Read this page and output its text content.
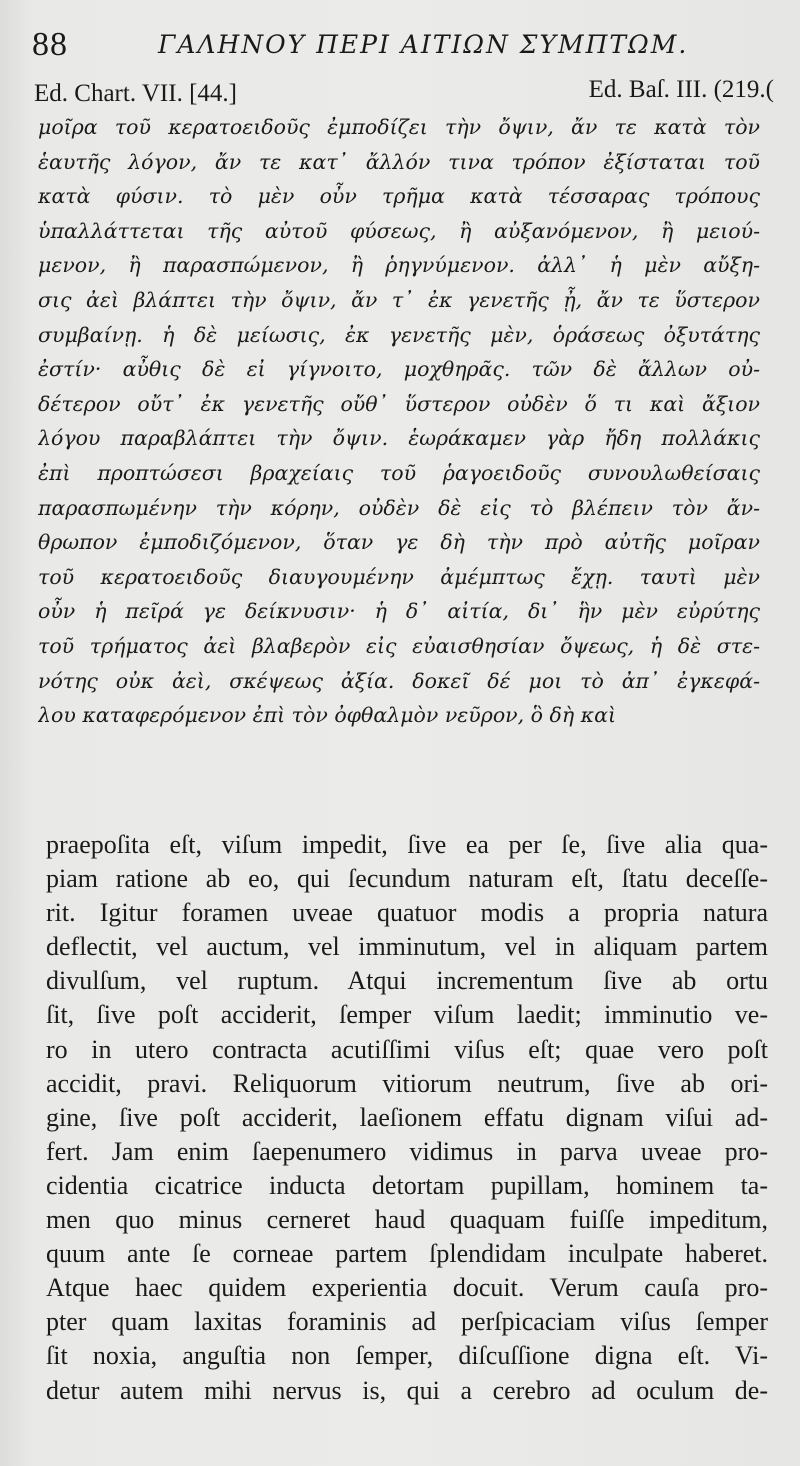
88	ΓΑΛΗΝΟΥ ΠΕΡΙ ΑΙΤΙΩΝ ΣΥΜΠΤΩΜ.
Ed. Chart. VII. [44.]	Ed. Baſ. III. (219.(
μοῖρα τοῦ κερατοειδοῦς ἐμποδίζει τὴν ὄψιν, ἄν τε κατὰ τὸν
ἑαυτῆς λόγον, ἄν τε κατ᾽ ἄλλόν τινα τρόπον ἐξίσταται τοῦ
κατὰ φύσιν. τὸ μὲν οὖν τρῆμα κατὰ τέσσαρας τρόπους
ὑπαλλάττεται τῆς αὐτοῦ φύσεως, ἢ αὐξανόμενον, ἢ μειού-
μενον, ἢ παρασπώμενον, ἢ ῥηγνύμενον. ἀλλ᾽ ἡ μὲν αὔξη-
σις ἀεὶ βλάπτει τὴν ὄψιν, ἄν τ᾽ ἐκ γενετῆς ᾖ, ἄν τε ὕστερον
συμβαίνῃ. ἡ δὲ μείωσις, ἐκ γενετῆς μὲν, ὁράσεως ὀξυτάτης
ἐστίν· αὖθις δὲ εἰ γίγνοιτο, μοχθηρᾶς. τῶν δὲ ἄλλων οὐ-
δέτερον οὔτ᾽ ἐκ γενετῆς οὔθ᾽ ὕστερον οὐδὲν ὅ τι καὶ ἄξιον
λόγου παραβλάπτει τὴν ὄψιν. ἑωράκαμεν γὰρ ἤδη πολλάκις
ἐπὶ προπτώσεσι βραχείαις τοῦ ῥαγοειδοῦς συνουλωθείσαις
παρασπωμένην τὴν κόρην, οὐδὲν δὲ εἰς τὸ βλέπειν τὸν ἄν-
θρωπον ἐμποδιζόμενον, ὅταν γε δὴ τὴν πρὸ αὐτῆς μοῖραν
τοῦ κερατοειδοῦς διαυγουμένην ἀμέμπτως ἔχῃ. ταυτὶ μὲν
οὖν ἡ πεῖρά γε δείκνυσιν· ἡ δ᾽ αἰτία, δι᾽ ἣν μὲν εὐρύτης
τοῦ τρήματος ἀεὶ βλαβερὸν εἰς εὐαισθησίαν ὄψεως, ἡ δὲ στε-
νότης οὐκ ἀεὶ, σκέψεως ἀξία. δοκεῖ δέ μοι τὸ ἀπ᾽ ἐγκεφά-
λου καταφερόμενον ἐπὶ τὸν ὀφθαλμὸν νεῦρον, ὃ δὴ καὶ
praepoſita eſt, viſum impedit, ſive ea per ſe, ſive alia qua-
piam ratione ab eo, qui ſecundum naturam eſt, ſtatu deceſſe-
rit. Igitur foramen uveae quatuor modis a propria natura
deflectit, vel auctum, vel imminutum, vel in aliquam partem
divulſum, vel ruptum. Atqui incrementum ſive ab ortu
ſit, ſive poſt acciderit, ſemper viſum laedit; imminutio ve-
ro in utero contracta acutiſſimi viſus eſt; quae vero poſt
accidit, pravi. Reliquorum vitiorum neutrum, ſive ab ori-
gine, ſive poſt acciderit, laeſionem effatu dignam viſui ad-
fert. Jam enim ſaepenumero vidimus in parva uveae pro-
cidentia cicatrice inducta detortam pupillam, hominem ta-
men quo minus cerneret haud quaquam fuiſſe impeditum,
quum ante ſe corneae partem ſplendidam inculpate haberet.
Atque haec quidem experientia docuit. Verum cauſa pro-
pter quam laxitas foraminis ad perſpicaciam viſus ſemper
ſit noxia, anguſtia non ſemper, diſcuſſione digna eſt. Vi-
detur autem mihi nervus is, qui a cerebro ad oculum de-
